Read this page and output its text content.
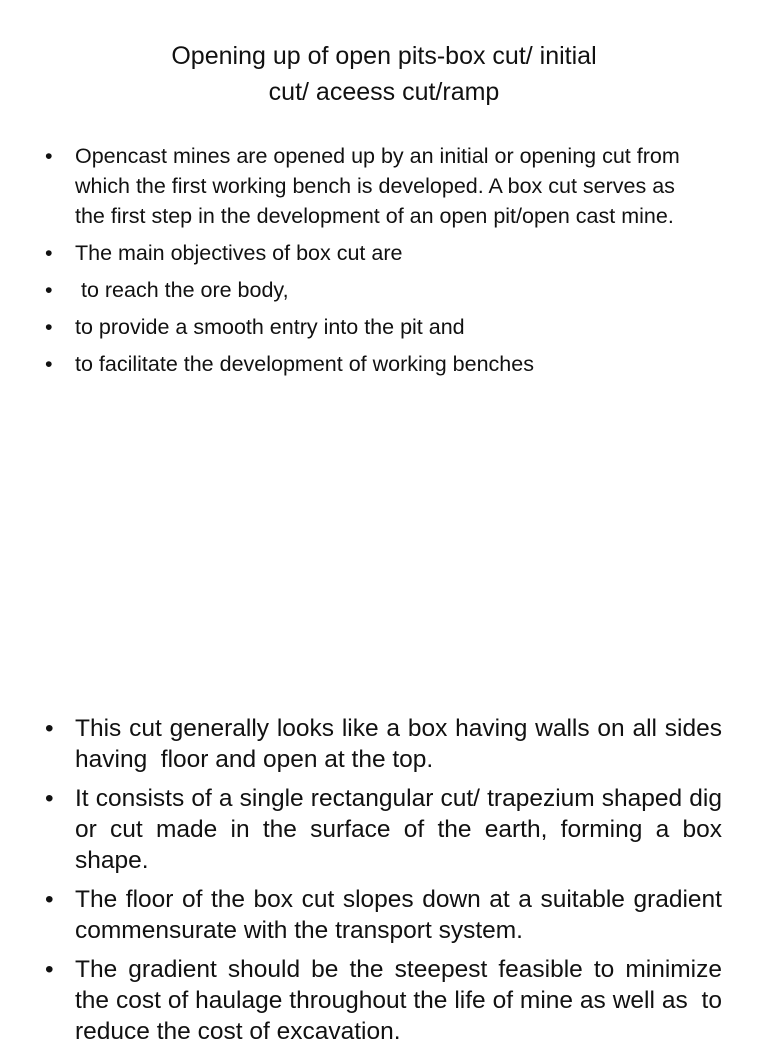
Opening up of open pits-box cut/ initial
cut/ aceess cut/ramp
• Opencast mines are opened up by an initial or opening cut from which the first working bench is developed. A box cut serves as the first step in the development of an open pit/open cast mine.
• The main objectives of box cut are
• to reach the ore body,
• to provide a smooth entry into the pit and
• to facilitate the development of working benches
• This cut generally looks like a box having walls on all sides having  floor and open at the top.
• It consists of a single rectangular cut/ trapezium shaped dig or cut made in the surface of the earth, forming a box shape.
• The floor of the box cut slopes down at a suitable gradient commensurate with the transport system.
• The gradient should be the steepest feasible to minimize the cost of haulage throughout the life of mine as well as  to reduce the cost of excavation.
